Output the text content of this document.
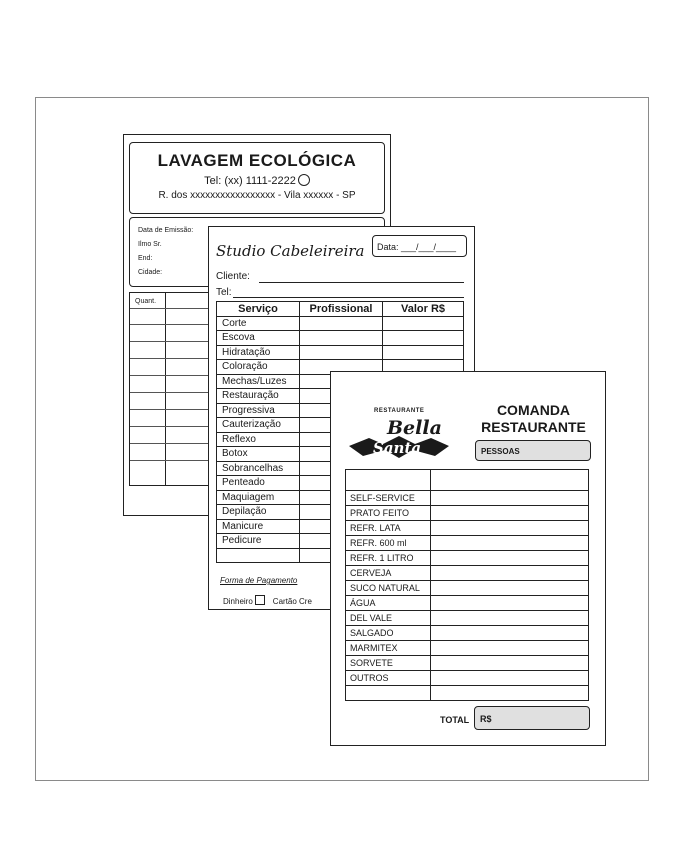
LAVAGEM ECOLÓGICA
Tel: (xx) 1111-2222
R. dos xxxxxxxxxxxxxxxxx - Vila xxxxxx - SP
Data de Emissão:
Ilmo Sr.
End:
Cidade:
Quant.
Studio Cabeleireira	Data: ___/___/____
Cliente:
Tel:
Serviço	Profissional	Valor R$
Corte		
Escova		
Hidratação		
Coloração		
Mechas/Luzes		
Restauração		
Progressiva		
Cauterização		
Reflexo		
Botox		
Sobrancelhas		
Penteado		
Maquiagem		
Depilação		
Manicure		
Pedicure		

Forma de Pagamento
Dinheiro	Cartão Cre
RESTAURANTE
Bella
Santa
COMANDA
RESTAURANTE
PESSOAS

SELF-SERVICE	
PRATO FEITO	
REFR. LATA	
REFR. 600 ml	
REFR. 1 LITRO	
CERVEJA	
SUCO NATURAL	
ÁGUA	
DEL VALE	
SALGADO	
MARMITEX	
SORVETE	
OUTROS	

TOTAL	R$
